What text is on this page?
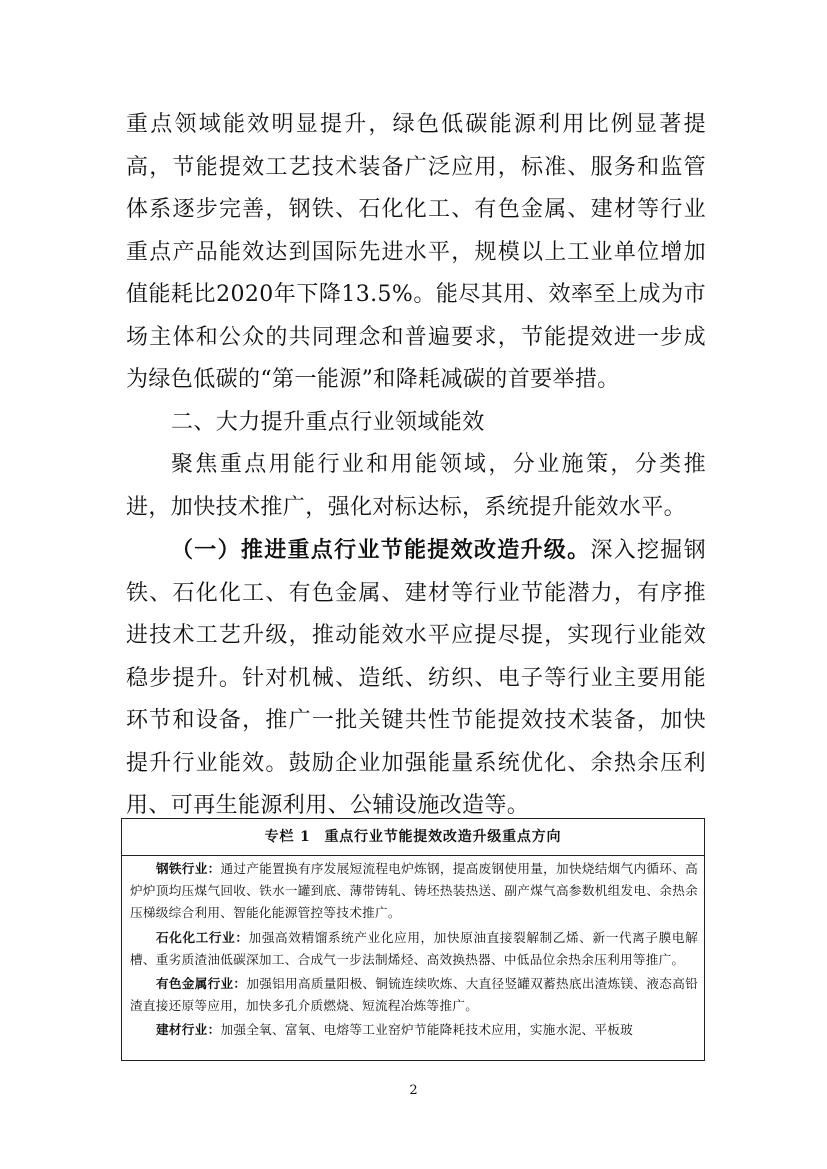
重点领域能效明显提升，绿色低碳能源利用比例显著提高，节能提效工艺技术装备广泛应用，标准、服务和监管体系逐步完善，钢铁、石化化工、有色金属、建材等行业重点产品能效达到国际先进水平，规模以上工业单位增加值能耗比2020年下降13.5%。能尽其用、效率至上成为市场主体和公众的共同理念和普遍要求，节能提效进一步成为绿色低碳的“第一能源”和降耗减碳的首要举措。

二、大力提升重点行业领域能效

聚焦重点用能行业和用能领域，分业施策，分类推进，加快技术推广，强化对标达标，系统提升能效水平。

（一）推进重点行业节能提效改造升级。深入挖掘钢铁、石化化工、有色金属、建材等行业节能潜力，有序推进技术工艺升级，推动能效水平应提尽提，实现行业能效稳步提升。针对机械、造纸、纺织、电子等行业主要用能环节和设备，推广一批关键共性节能提效技术装备，加快提升行业能效。鼓励企业加强能量系统优化、余热余压利用、可再生能源利用、公辅设施改造等。

专栏 1 重点行业节能提效改造升级重点方向

钢铁行业：通过产能置换有序发展短流程电炉炼钢，提高废钢使用量，加快烧结烟气内循环、高炉炉顶均压煤气回收、铁水一罐到底、薄带铸轧、铸坯热装热送、副产煤气高参数机组发电、余热余压梯级综合利用、智能化能源管控等技术推广。

石化化工行业：加强高效精馏系统产业化应用，加快原油直接裂解制乙烯、新一代离子膜电解槽、重劣质渣油低碳深加工、合成气一步法制烯烃、高效换热器、中低品位余热余压利用等推广。

有色金属行业：加强铝用高质量阳极、铜锍连续吹炼、大直径竖罐双蓄热底出渣炼镁、液态高铅渣直接还原等应用，加快多孔介质燃烧、短流程冶炼等推广。

建材行业：加强全氧、富氧、电熔等工业窑炉节能降耗技术应用，实施水泥、平板玻

2
